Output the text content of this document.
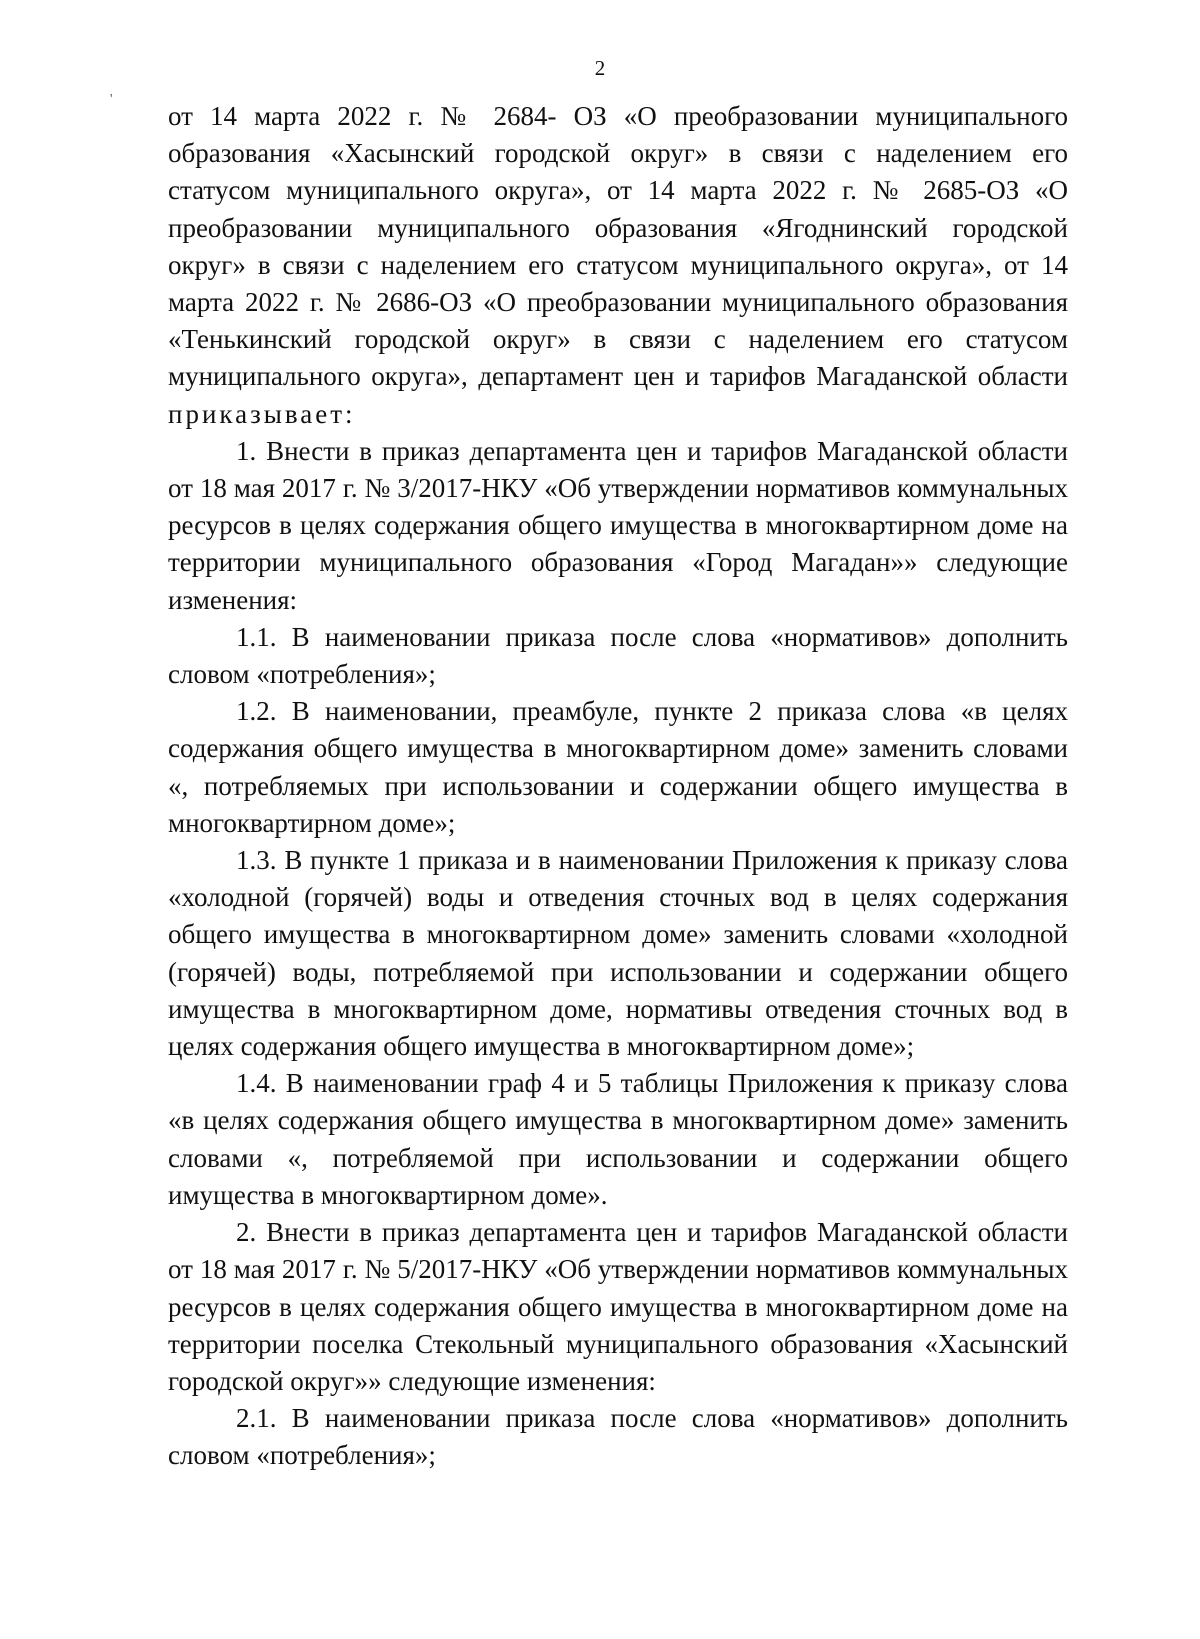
2
'

от 14 марта 2022 г. № 2684- ОЗ «О преобразовании муниципального образования «Хасынский городской округ» в связи с наделением его статусом муниципального округа», от 14 марта 2022 г. № 2685-ОЗ «О преобразовании муниципального образования «Ягоднинский городской округ» в связи с наделением его статусом муниципального округа», от 14 марта 2022 г. № 2686-ОЗ «О преобразовании муниципального образования «Тенькинский городской округ» в связи с наделением его статусом муниципального округа», департамент цен и тарифов Магаданской области приказывает:

1. Внести в приказ департамента цен и тарифов Магаданской области от 18 мая 2017 г. № 3/2017-НКУ «Об утверждении нормативов коммунальных ресурсов в целях содержания общего имущества в многоквартирном доме на территории муниципального образования «Город Магадан»» следующие изменения:

1.1. В наименовании приказа после слова «нормативов» дополнить словом «потребления»;

1.2. В наименовании, преамбуле, пункте 2 приказа слова «в целях содержания общего имущества в многоквартирном доме» заменить словами «, потребляемых при использовании и содержании общего имущества в многоквартирном доме»;

1.3. В пункте 1 приказа и в наименовании Приложения к приказу слова «холодной (горячей) воды и отведения сточных вод в целях содержания общего имущества в многоквартирном доме» заменить словами «холодной (горячей) воды, потребляемой при использовании и содержании общего имущества в многоквартирном доме, нормативы отведения сточных вод в целях содержания общего имущества в многоквартирном доме»;

1.4. В наименовании граф 4 и 5 таблицы Приложения к приказу слова «в целях содержания общего имущества в многоквартирном доме» заменить словами «, потребляемой при использовании и содержании общего имущества в многоквартирном доме».

2. Внести в приказ департамента цен и тарифов Магаданской области от 18 мая 2017 г. № 5/2017-НКУ «Об утверждении нормативов коммунальных ресурсов в целях содержания общего имущества в многоквартирном доме на территории поселка Стекольный муниципального образования «Хасынский городской округ»» следующие изменения:

2.1. В наименовании приказа после слова «нормативов» дополнить словом «потребления»;
